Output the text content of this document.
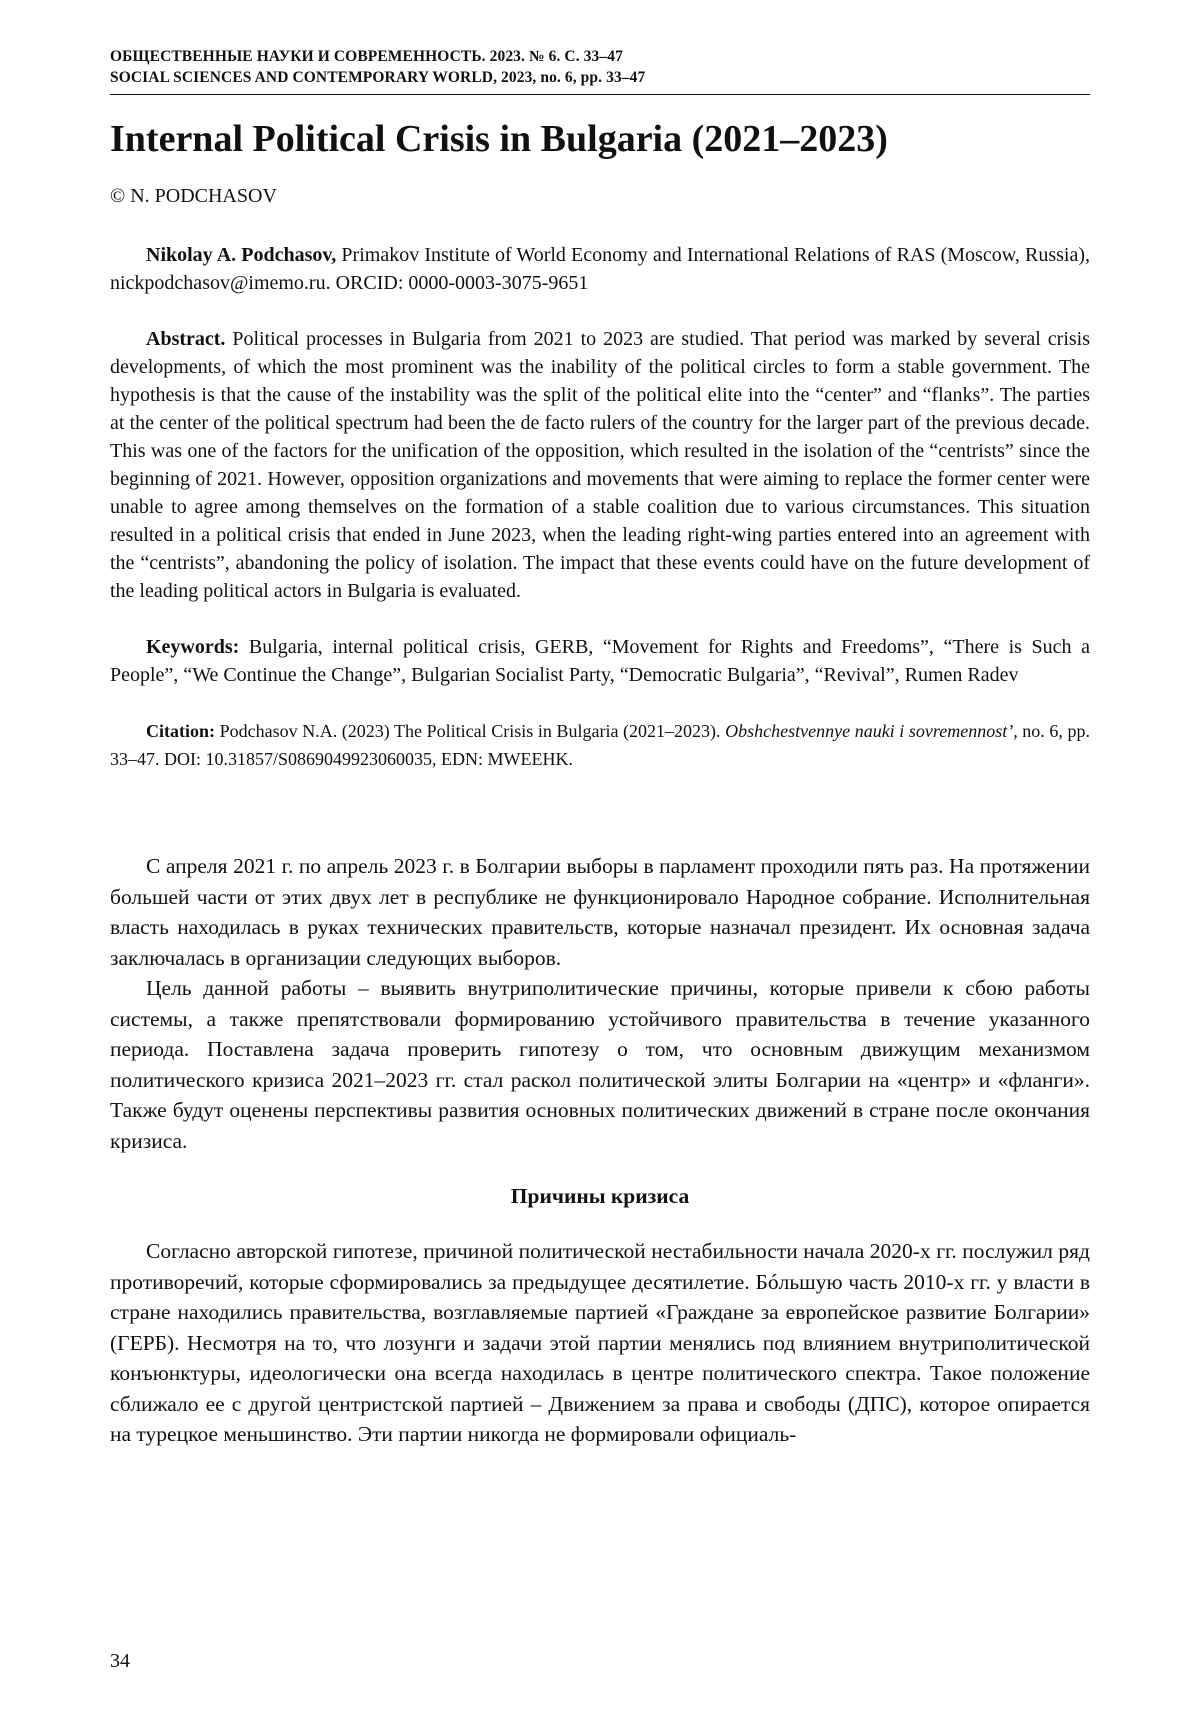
ОБЩЕСТВЕННЫЕ НАУКИ И СОВРЕМЕННОСТЬ. 2023. № 6. С. 33–47
SOCIAL SCIENCES AND CONTEMPORARY WORLD, 2023, no. 6, pp. 33–47
Internal Political Crisis in Bulgaria (2021–2023)
© N. PODCHASOV

Nikolay A. Podchasov, Primakov Institute of World Economy and International Relations of RAS (Moscow, Russia), nickpodchasov@imemo.ru. ORCID: 0000-0003-3075-9651

Abstract. Political processes in Bulgaria from 2021 to 2023 are studied. That period was marked by several crisis developments, of which the most prominent was the inability of the political circles to form a stable government. The hypothesis is that the cause of the instability was the split of the political elite into the “center” and “flanks”. The parties at the center of the political spectrum had been the de facto rulers of the country for the larger part of the previous decade. This was one of the factors for the unification of the opposition, which resulted in the isolation of the “centrists” since the beginning of 2021. However, opposition organizations and movements that were aiming to replace the former center were unable to agree among themselves on the formation of a stable coalition due to various circumstances. This situation resulted in a political crisis that ended in June 2023, when the leading right-wing parties entered into an agreement with the “centrists”, abandoning the policy of isolation. The impact that these events could have on the future development of the leading political actors in Bulgaria is evaluated.

Keywords: Bulgaria, internal political crisis, GERB, “Movement for Rights and Freedoms”, “There is Such a People”, “We Continue the Change”, Bulgarian Socialist Party, “Democratic Bulgaria”, “Revival”, Rumen Radev

Citation: Podchasov N.A. (2023) The Political Crisis in Bulgaria (2021–2023). Obshchestvennye nauki i sovremennost’, no. 6, pp. 33–47. DOI: 10.31857/S0869049923060035, EDN: MWEEHK.

С апреля 2021 г. по апрель 2023 г. в Болгарии выборы в парламент проходили пять раз. На протяжении большей части от этих двух лет в республике не функционировало Народное собрание. Исполнительная власть находилась в руках технических правительств, которые назначал президент. Их основная задача заключалась в организации следующих выборов.

Цель данной работы – выявить внутриполитические причины, которые привели к сбою работы системы, а также препятствовали формированию устойчивого правительства в течение указанного периода. Поставлена задача проверить гипотезу о том, что основным движущим механизмом политического кризиса 2021–2023 гг. стал раскол политической элиты Болгарии на «центр» и «фланги». Также будут оценены перспективы развития основных политических движений в стране после окончания кризиса.

Причины кризиса

Согласно авторской гипотезе, причиной политической нестабильности начала 2020-х гг. послужил ряд противоречий, которые сформировались за предыдущее десятилетие. Бóльшую часть 2010-х гг. у власти в стране находились правительства, возглавляемые партией «Граждане за европейское развитие Болгарии» (ГЕРБ). Несмотря на то, что лозунги и задачи этой партии менялись под влиянием внутриполитической конъюнктуры, идеологически она всегда находилась в центре политического спектра. Такое положение сближало ее с другой центристской партией – Движением за права и свободы (ДПС), которое опирается на турецкое меньшинство. Эти партии никогда не формировали официаль-

34
